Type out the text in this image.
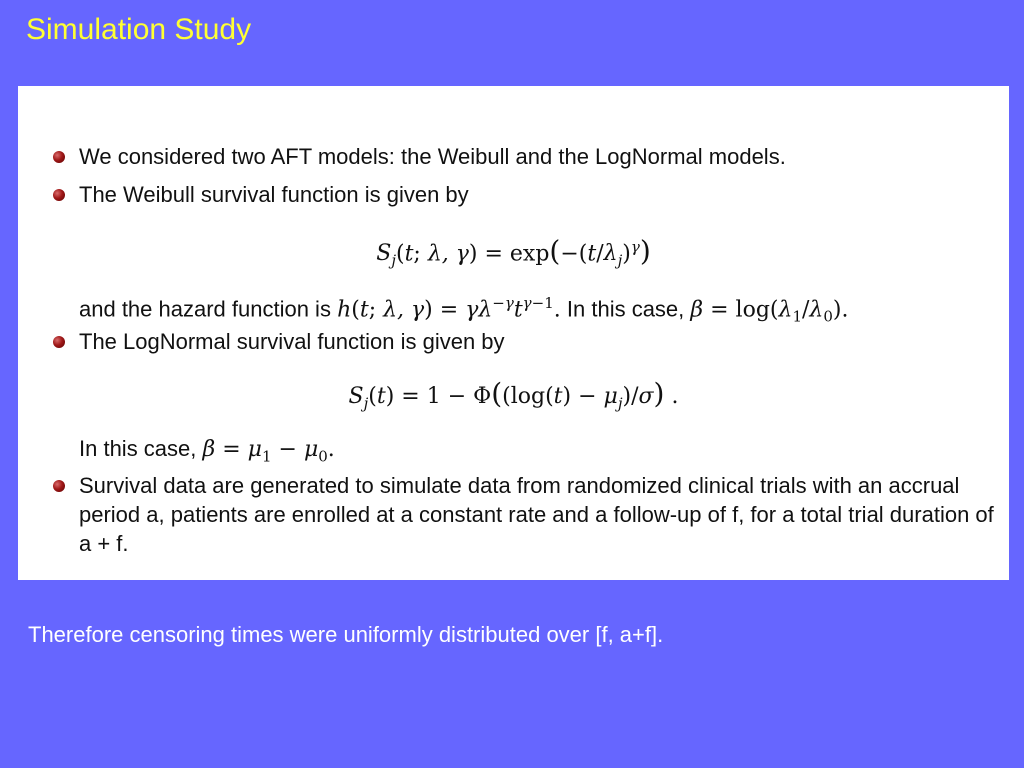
Simulation Study
We considered two AFT models: the Weibull and the LogNormal models.
The Weibull survival function is given by
$S_j(t$; λ, $\gamma) = \exp(-(t/\lambda_j)^\gamma)$
and the hazard function is h(t; λ, $\gamma) = \gamma\lambda^{-\gamma}t^{\gamma-1}$. In this case, $\beta = \log(\lambda_1/\lambda_0)$.
The LogNormal survival function is given by
$S_j(t) = 1 - \Phi((\log(t) - \mu_j)/\sigma)$ .
In this case, $\beta = \mu_1 - \mu_0$.
Survival data are generated to simulate data from randomized clinical trials with an accrual period a, patients are enrolled at a constant rate and a follow-up of f, for a total trial duration of a + f.
Therefore censoring times were uniformly distributed over [f, a+f].
